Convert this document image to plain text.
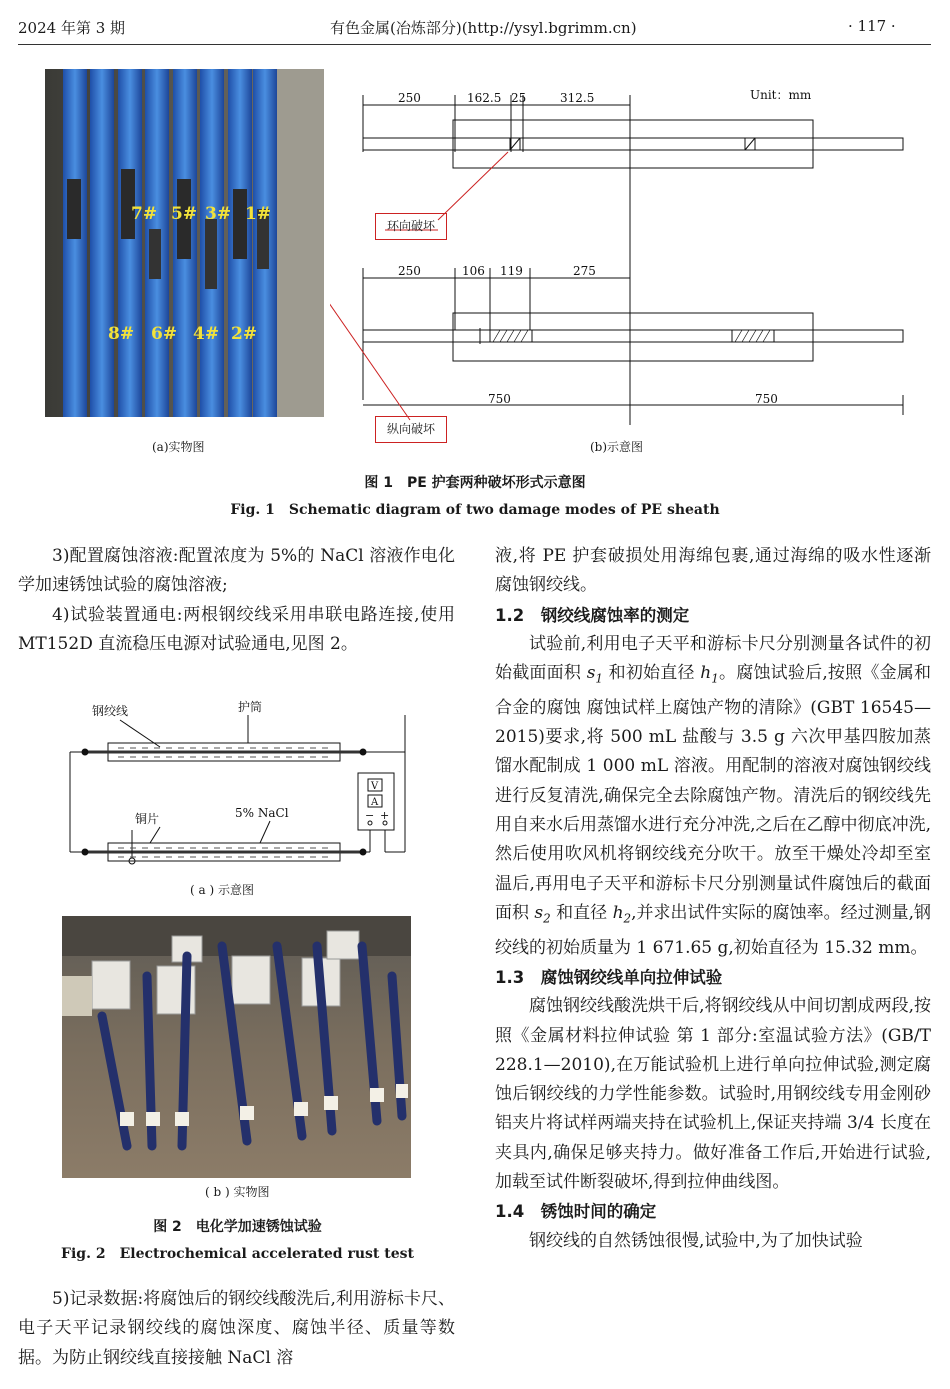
2024 年第 3 期	有色金属(冶炼部分)(http://ysyl.bgrimm.cn)	· 117 ·
7# 5# 3# 1#
8# 6# 4# 2#
250	162.5 25	312.5	Unit：mm
250	106 119	275
750	750
环向破坏
纵向破坏
(a)实物图	(b)示意图
图 1　PE 护套两种破坏形式示意图
Fig. 1　Schematic diagram of two damage modes of PE sheath

3)配置腐蚀溶液:配置浓度为 5%的 NaCl 溶液作电化学加速锈蚀试验的腐蚀溶液;

4)试验装置通电:两根钢绞线采用串联电路连接,使用 MT152D 直流稳压电源对试验通电,见图 2。

钢绞线	护筒
铜片	5% NaCl
V
A
− +
( a ) 示意图
( b ) 实物图
图 2　电化学加速锈蚀试验
Fig. 2　Electrochemical accelerated rust test

5)记录数据:将腐蚀后的钢绞线酸洗后,利用游标卡尺、电子天平记录钢绞线的腐蚀深度、腐蚀半径、质量等数据。为防止钢绞线直接接触 NaCl 溶

液,将 PE 护套破损处用海绵包裹,通过海绵的吸水性逐渐腐蚀钢绞线。

1.2　钢绞线腐蚀率的测定

试验前,利用电子天平和游标卡尺分别测量各试件的初始截面面积 $s_1$ 和初始直径 $h_1$。腐蚀试验后,按照《金属和合金的腐蚀 腐蚀试样上腐蚀产物的清除》(GBT 16545—2015)要求,将 500 mL 盐酸与 3.5 g 六次甲基四胺加蒸馏水配制成 1 000 mL 溶液。用配制的溶液对腐蚀钢绞线进行反复清洗,确保完全去除腐蚀产物。清洗后的钢绞线先用自来水后用蒸馏水进行充分冲洗,之后在乙醇中彻底冲洗,然后使用吹风机将钢绞线充分吹干。放至干燥处冷却至室温后,再用电子天平和游标卡尺分别测量试件腐蚀后的截面面积 $s_2$ 和直径 $h_2$,并求出试件实际的腐蚀率。经过测量,钢绞线的初始质量为 1 671.65 g,初始直径为 15.32 mm。

1.3　腐蚀钢绞线单向拉伸试验

腐蚀钢绞线酸洗烘干后,将钢绞线从中间切割成两段,按照《金属材料拉伸试验 第 1 部分:室温试验方法》(GB/T 228.1—2010),在万能试验机上进行单向拉伸试验,测定腐蚀后钢绞线的力学性能参数。试验时,用钢绞线专用金刚砂铝夹片将试样两端夹持在试验机上,保证夹持端 3/4 长度在夹具内,确保足够夹持力。做好准备工作后,开始进行试验,加载至试件断裂破坏,得到拉伸曲线图。

1.4　锈蚀时间的确定

钢绞线的自然锈蚀很慢,试验中,为了加快试验
